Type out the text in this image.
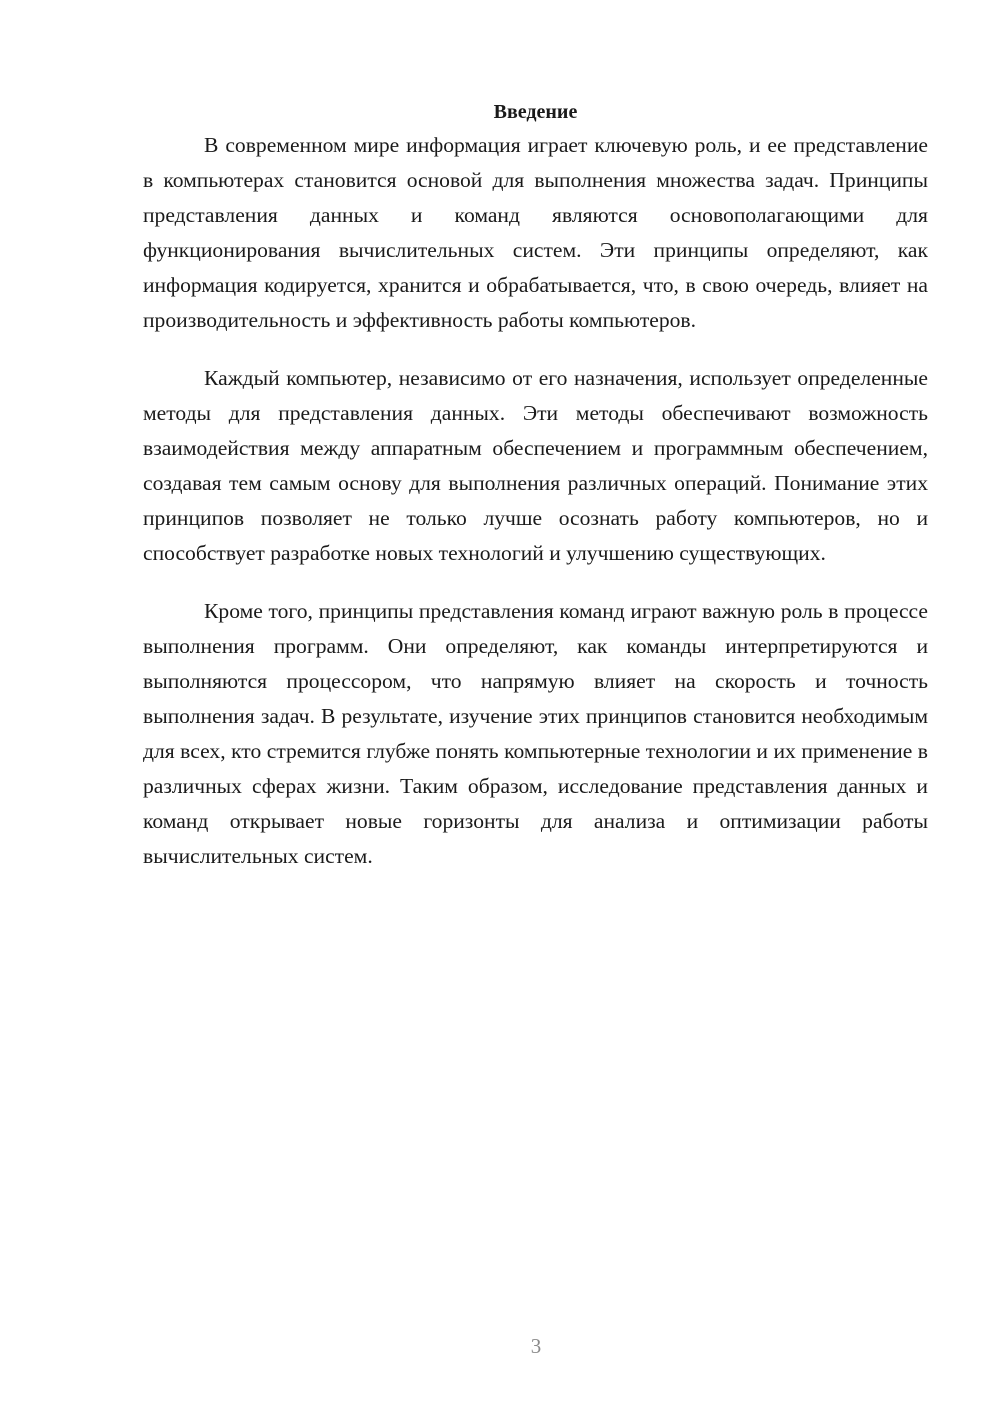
Введение

В современном мире информация играет ключевую роль, и ее представление в компьютерах становится основой для выполнения множества задач. Принципы представления данных и команд являются основополагающими для функционирования вычислительных систем. Эти принципы определяют, как информация кодируется, хранится и обрабатывается, что, в свою очередь, влияет на производительность и эффективность работы компьютеров.

Каждый компьютер, независимо от его назначения, использует определенные методы для представления данных. Эти методы обеспечивают возможность взаимодействия между аппаратным обеспечением и программным обеспечением, создавая тем самым основу для выполнения различных операций. Понимание этих принципов позволяет не только лучше осознать работу компьютеров, но и способствует разработке новых технологий и улучшению существующих.

Кроме того, принципы представления команд играют важную роль в процессе выполнения программ. Они определяют, как команды интерпретируются и выполняются процессором, что напрямую влияет на скорость и точность выполнения задач. В результате, изучение этих принципов становится необходимым для всех, кто стремится глубже понять компьютерные технологии и их применение в различных сферах жизни. Таким образом, исследование представления данных и команд открывает новые горизонты для анализа и оптимизации работы вычислительных систем.

3
